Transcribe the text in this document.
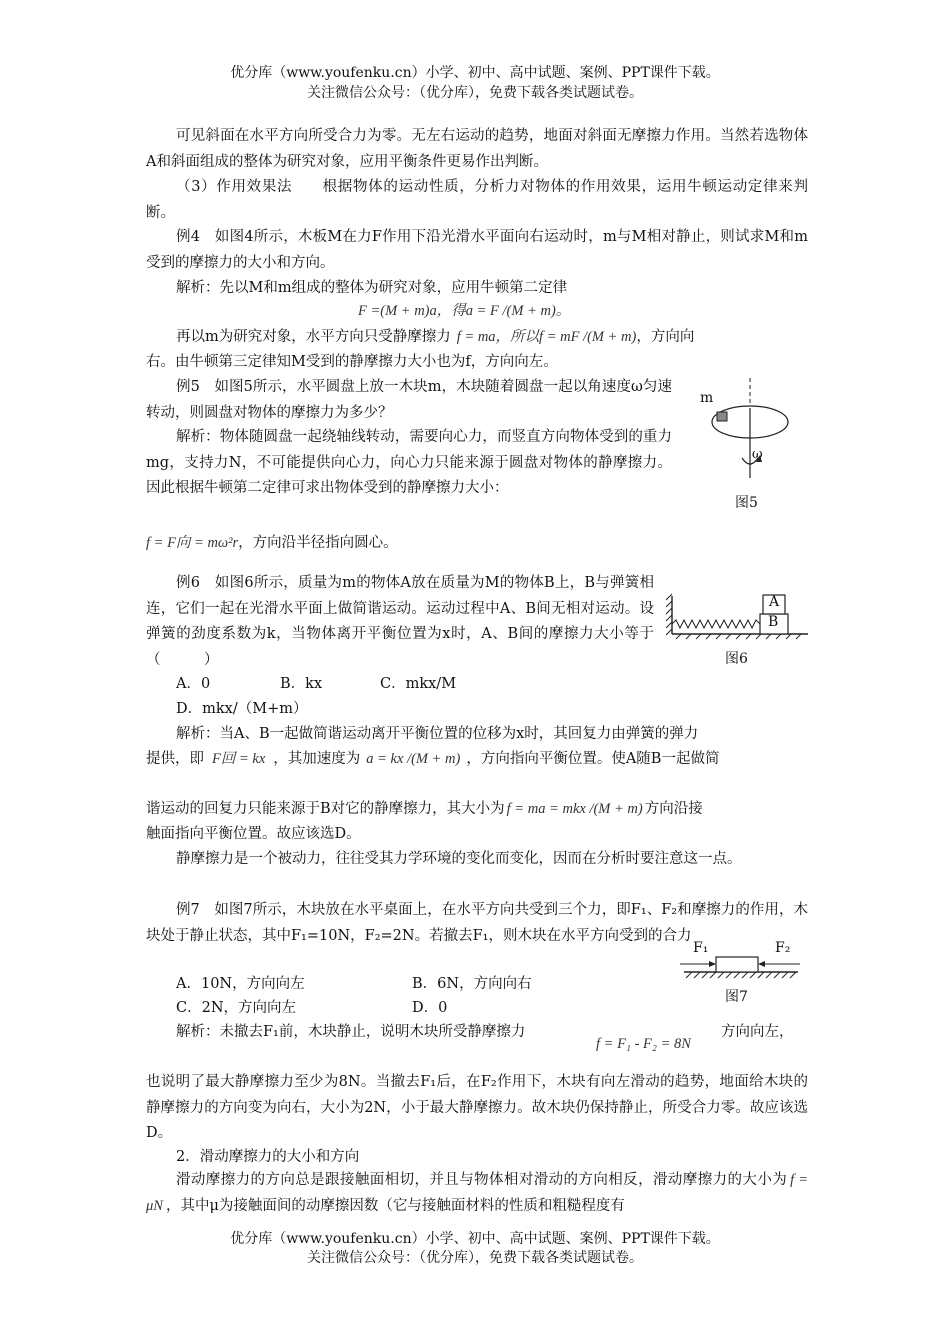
优分库（www.youfenku.cn）小学、初中、高中试题、案例、PPT课件下载。
关注微信公众号：（优分库），免费下载各类试题试卷。

可见斜面在水平方向所受合力为零。无左右运动的趋势，地面对斜面无摩擦力作用。当然若选物体A和斜面组成的整体为研究对象，应用平衡条件更易作出判断。

（3）作用效果法　　根据物体的运动性质，分析力对物体的作用效果，运用牛顿运动定律来判断。

例4　如图4所示，木板M在力F作用下沿光滑水平面向右运动时，m与M相对静止，则试求M和m受到的摩擦力的大小和方向。

解析：先以M和m组成的整体为研究对象，应用牛顿第二定律

F =(M + m)a，得a = F /(M + m)。
再以m为研究对象，水平方向只受静摩擦力 f = ma，所以f = mF /(M + m)，方向向
右。由牛顿第三定律知M受到的静摩擦力大小也为f，方向向左。

例5　如图5所示，水平圆盘上放一木块m，木块随着圆盘一起以角速度ω匀速转动，则圆盘对物体的摩擦力为多少？

解析：物体随圆盘一起绕轴线转动，需要向心力，而竖直方向物体受到的重力mg，支持力N，不可能提供向心力，向心力只能来源于圆盘对物体的静摩擦力。因此根据牛顿第二定律可求出物体受到的静摩擦力大小：

f = F向 = mω²r，方向沿半径指向圆心。
m
ω
图5

例6　如图6所示，质量为m的物体A放在质量为M的物体B上，B与弹簧相连，它们一起在光滑水平面上做简谐运动。运动过程中A、B间无相对运动。设弹簧的劲度系数为k，当物体离开平衡位置为x时，A、B间的摩擦力大小等于（　　　）

A．0	B．kx	C．mkx/M
D．mkx/（M+m）
A
B
图6
解析：当A、B一起做简谐运动离开平衡位置的位移为x时，其回复力由弹簧的弹力
提供，即 F回 = kx ，其加速度为 a = kx /(M + m) ，方向指向平衡位置。使A随B一起做简
谐运动的回复力只能来源于B对它的静摩擦力，其大小为 f = ma = mkx /(M + m) 方向沿接
触面指向平衡位置。故应该选D。

静摩擦力是一个被动力，往往受其力学环境的变化而变化，因而在分析时要注意这一点。

例7　如图7所示，木块放在水平桌面上，在水平方向共受到三个力，即F₁、F₂和摩擦力的作用，木块处于静止状态，其中F₁=10N，F₂=2N。若撤去F₁，则木块在水平方向受到的合力

A．10N，方向向左	B．6N，方向向右
C．2N，方向向左	D．0
F₁	F₂
图7
解析：未撤去F₁前，木块静止，说明木块所受静摩擦力
f = F₁ - F₂ = 8N
方向向左，

也说明了最大静摩擦力至少为8N。当撤去F₁后，在F₂作用下，木块有向左滑动的趋势，地面给木块的静摩擦力的方向变为向右，大小为2N，小于最大静摩擦力。故木块仍保持静止，所受合力零。故应该选D。

2．滑动摩擦力的大小和方向

滑动摩擦力的方向总是跟接触面相切，并且与物体相对滑动的方向相反，滑动摩擦力的大小为 f = μN ，其中μ为接触面间的动摩擦因数（它与接触面材料的性质和粗糙程度有

优分库（www.youfenku.cn）小学、初中、高中试题、案例、PPT课件下载。
关注微信公众号：（优分库），免费下载各类试题试卷。
